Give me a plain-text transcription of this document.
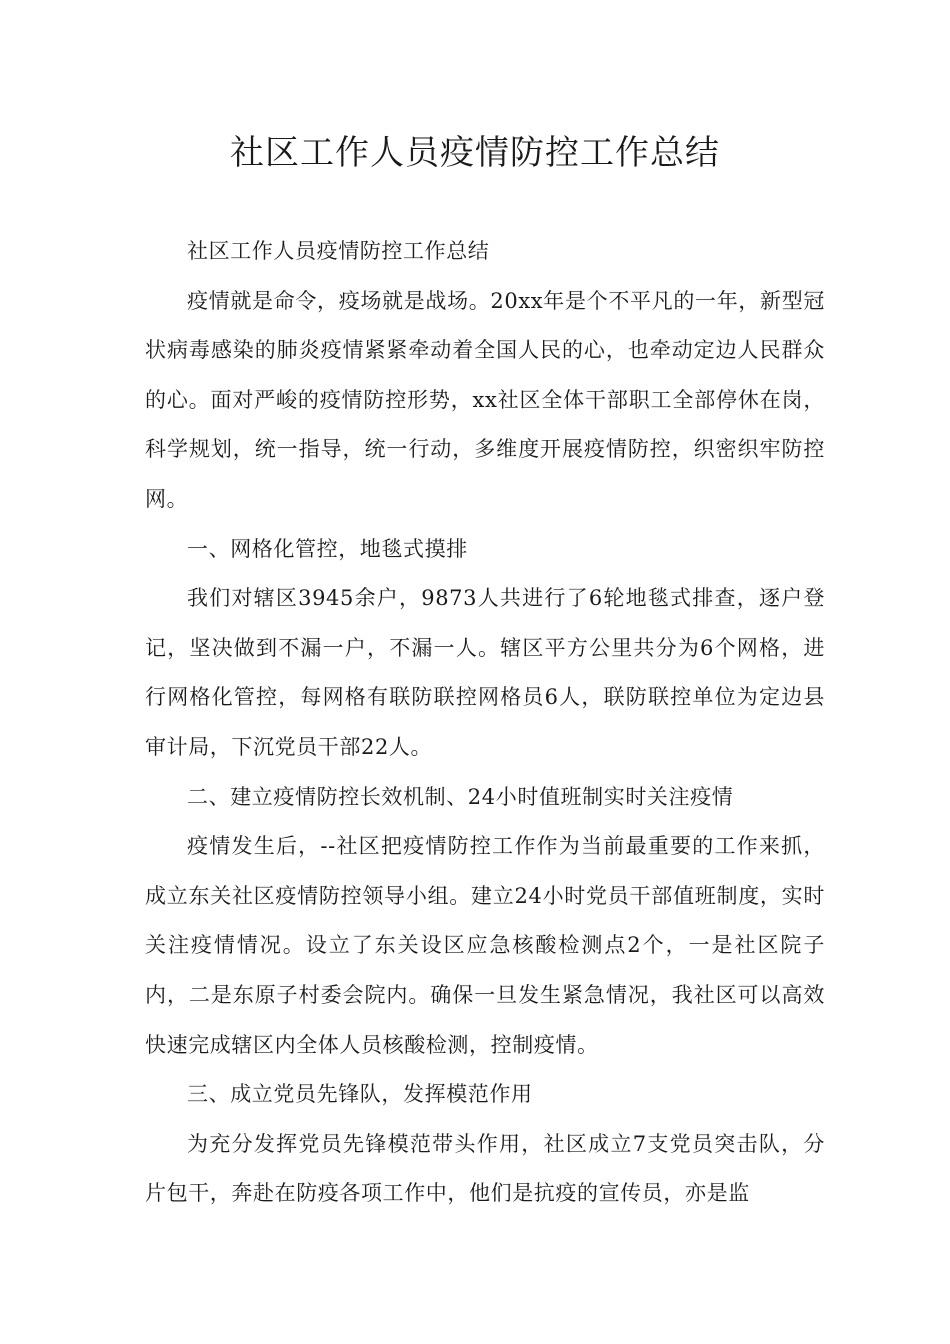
社区工作人员疫情防控工作总结

社区工作人员疫情防控工作总结

疫情就是命令，疫场就是战场。20xx年是个不平凡的一年，新型冠状病毒感染的肺炎疫情紧紧牵动着全国人民的心，也牵动定边人民群众的心。面对严峻的疫情防控形势，xx社区全体干部职工全部停休在岗，科学规划，统一指导，统一行动，多维度开展疫情防控，织密织牢防控网。

一、网格化管控，地毯式摸排

我们对辖区3945余户，9873人共进行了6轮地毯式排查，逐户登记，坚决做到不漏一户，不漏一人。辖区平方公里共分为6个网格，进行网格化管控，每网格有联防联控网格员6人，联防联控单位为定边县审计局，下沉党员干部22人。

二、建立疫情防控长效机制、24小时值班制实时关注疫情

疫情发生后，--社区把疫情防控工作作为当前最重要的工作来抓，成立东关社区疫情防控领导小组。建立24小时党员干部值班制度，实时关注疫情情况。设立了东关设区应急核酸检测点2个，一是社区院子内，二是东原子村委会院内。确保一旦发生紧急情况，我社区可以高效快速完成辖区内全体人员核酸检测，控制疫情。

三、成立党员先锋队，发挥模范作用

为充分发挥党员先锋模范带头作用，社区成立7支党员突击队，分片包干，奔赴在防疫各项工作中，他们是抗疫的宣传员，亦是监
